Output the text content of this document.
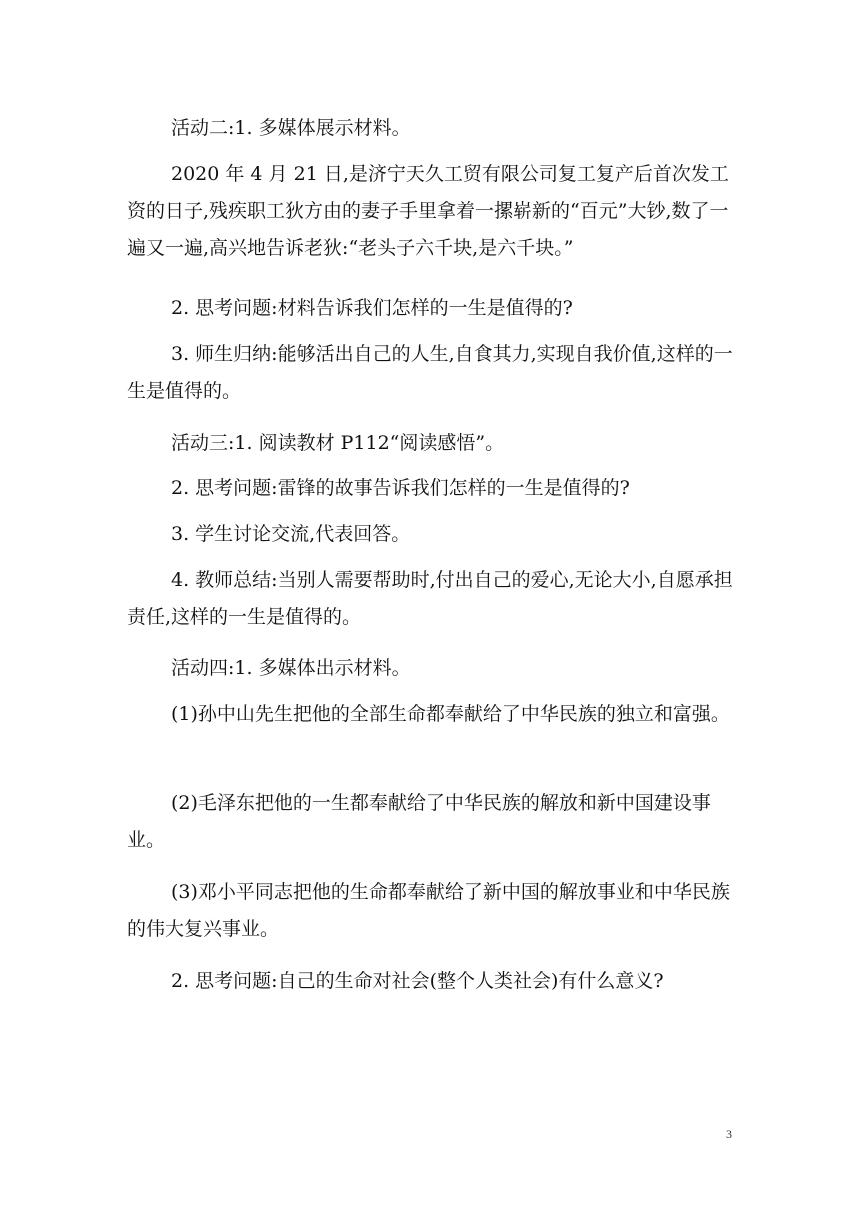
活动二:1. 多媒体展示材料。

2020 年 4 月 21 日,是济宁天久工贸有限公司复工复产后首次发工资的日子,残疾职工狄方由的妻子手里拿着一摞崭新的“百元”大钞,数了一遍又一遍,高兴地告诉老狄:“老头子六千块,是六千块。”

2. 思考问题:材料告诉我们怎样的一生是值得的?

3. 师生归纳:能够活出自己的人生,自食其力,实现自我价值,这样的一生是值得的。

活动三:1. 阅读教材 P112“阅读感悟”。

2. 思考问题:雷锋的故事告诉我们怎样的一生是值得的?

3. 学生讨论交流,代表回答。

4. 教师总结:当别人需要帮助时,付出自己的爱心,无论大小,自愿承担责任,这样的一生是值得的。

活动四:1. 多媒体出示材料。

(1)孙中山先生把他的全部生命都奉献给了中华民族的独立和富强。

(2)毛泽东把他的一生都奉献给了中华民族的解放和新中国建设事业。

(3)邓小平同志把他的生命都奉献给了新中国的解放事业和中华民族的伟大复兴事业。

2. 思考问题:自己的生命对社会(整个人类社会)有什么意义?

3
